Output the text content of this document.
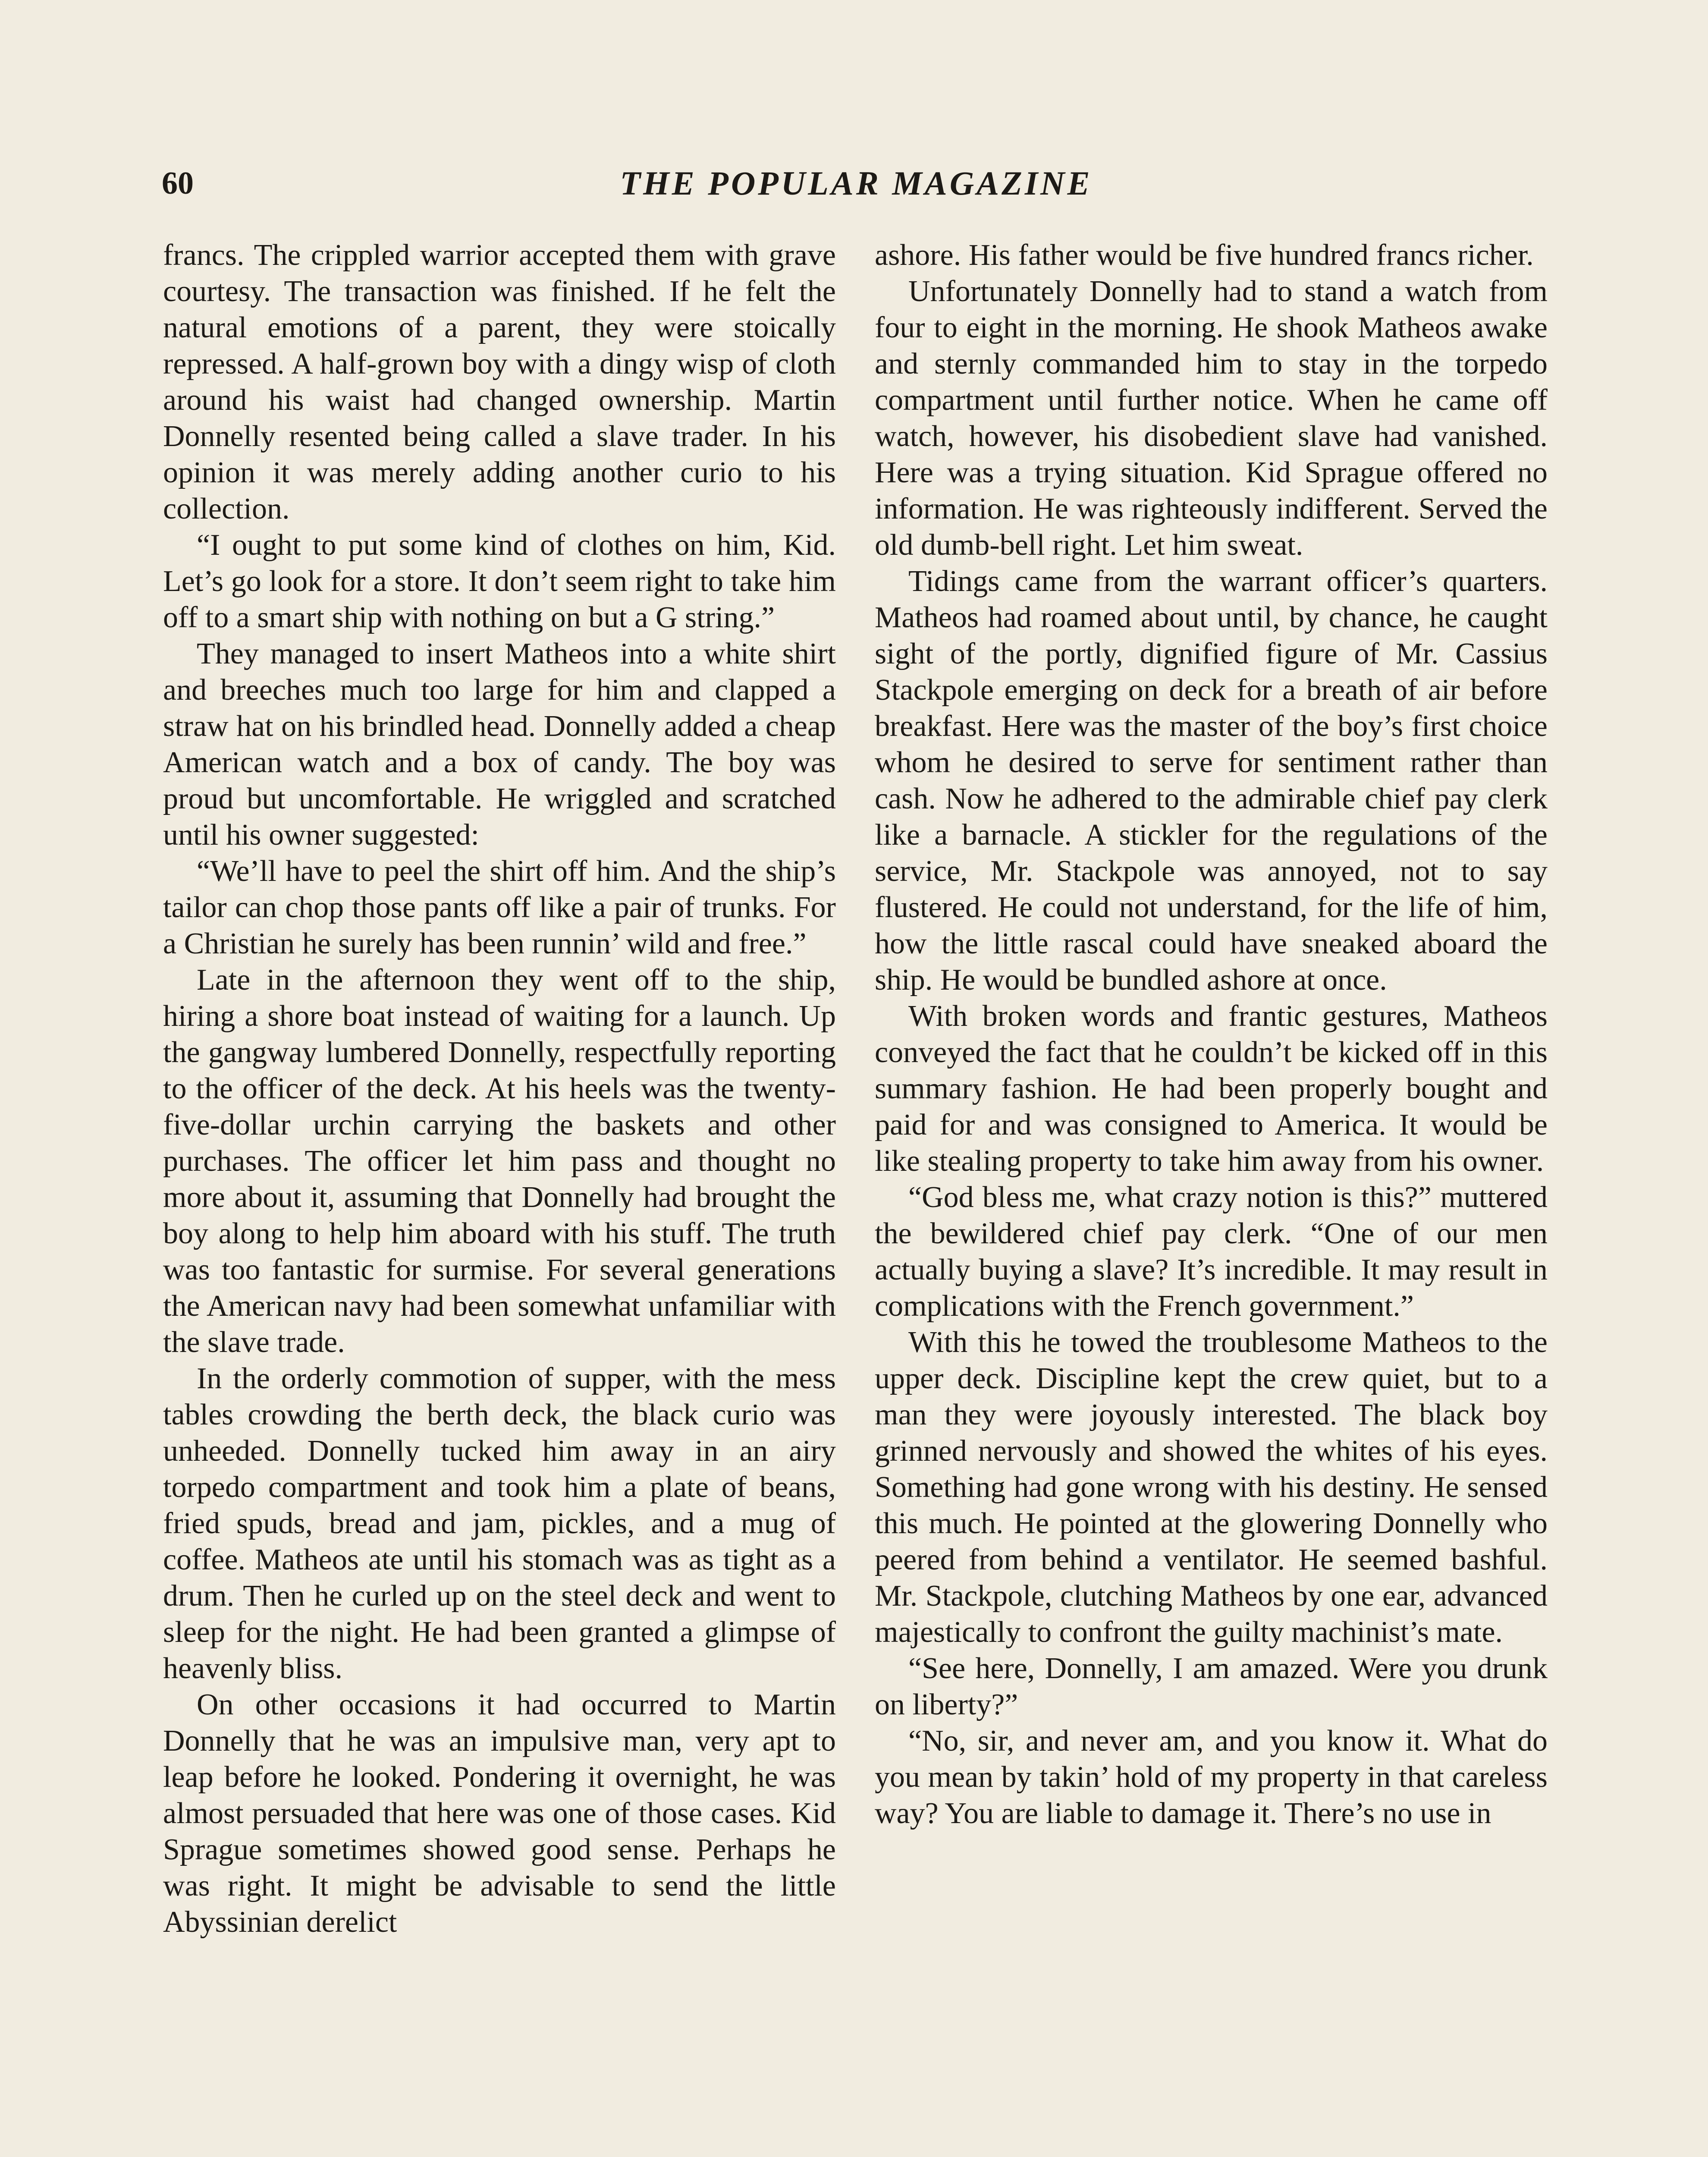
60	THE POPULAR MAGAZINE

francs. The crippled warrior accepted them with grave courtesy. The transaction was finished. If he felt the natural emotions of a parent, they were stoically repressed. A half-grown boy with a dingy wisp of cloth around his waist had changed ownership. Martin Donnelly resented being called a slave trader. In his opinion it was merely adding another curio to his collection.

“I ought to put some kind of clothes on him, Kid. Let’s go look for a store. It don’t seem right to take him off to a smart ship with nothing on but a G string.”

They managed to insert Matheos into a white shirt and breeches much too large for him and clapped a straw hat on his brindled head. Donnelly added a cheap American watch and a box of candy. The boy was proud but uncomfortable. He wriggled and scratched until his owner suggested:

“We’ll have to peel the shirt off him. And the ship’s tailor can chop those pants off like a pair of trunks. For a Christian he surely has been runnin’ wild and free.”

Late in the afternoon they went off to the ship, hiring a shore boat instead of waiting for a launch. Up the gangway lumbered Donnelly, respectfully reporting to the officer of the deck. At his heels was the twenty-five-dollar urchin carrying the baskets and other purchases. The officer let him pass and thought no more about it, assuming that Donnelly had brought the boy along to help him aboard with his stuff. The truth was too fantastic for surmise. For several generations the American navy had been somewhat unfamiliar with the slave trade.

In the orderly commotion of supper, with the mess tables crowding the berth deck, the black curio was unheeded. Donnelly tucked him away in an airy torpedo compartment and took him a plate of beans, fried spuds, bread and jam, pickles, and a mug of coffee. Matheos ate until his stomach was as tight as a drum. Then he curled up on the steel deck and went to sleep for the night. He had been granted a glimpse of heavenly bliss.

On other occasions it had occurred to Martin Donnelly that he was an impulsive man, very apt to leap before he looked. Pondering it overnight, he was almost persuaded that here was one of those cases. Kid Sprague sometimes showed good sense. Perhaps he was right. It might be advisable to send the little Abyssinian derelict

ashore. His father would be five hundred francs richer.

Unfortunately Donnelly had to stand a watch from four to eight in the morning. He shook Matheos awake and sternly commanded him to stay in the torpedo compartment until further notice. When he came off watch, however, his disobedient slave had vanished. Here was a trying situation. Kid Sprague offered no information. He was righteously indifferent. Served the old dumb-bell right. Let him sweat.

Tidings came from the warrant officer’s quarters. Matheos had roamed about until, by chance, he caught sight of the portly, dignified figure of Mr. Cassius Stackpole emerging on deck for a breath of air before breakfast. Here was the master of the boy’s first choice whom he desired to serve for sentiment rather than cash. Now he adhered to the admirable chief pay clerk like a barnacle. A stickler for the regulations of the service, Mr. Stackpole was annoyed, not to say flustered. He could not understand, for the life of him, how the little rascal could have sneaked aboard the ship. He would be bundled ashore at once.

With broken words and frantic gestures, Matheos conveyed the fact that he couldn’t be kicked off in this summary fashion. He had been properly bought and paid for and was consigned to America. It would be like stealing property to take him away from his owner.

“God bless me, what crazy notion is this?” muttered the bewildered chief pay clerk. “One of our men actually buying a slave? It’s incredible. It may result in complications with the French government.”

With this he towed the troublesome Matheos to the upper deck. Discipline kept the crew quiet, but to a man they were joyously interested. The black boy grinned nervously and showed the whites of his eyes. Something had gone wrong with his destiny. He sensed this much. He pointed at the glowering Donnelly who peered from behind a ventilator. He seemed bashful. Mr. Stackpole, clutching Matheos by one ear, advanced majestically to confront the guilty machinist’s mate.

“See here, Donnelly, I am amazed. Were you drunk on liberty?”

“No, sir, and never am, and you know it. What do you mean by takin’ hold of my property in that careless way? You are liable to damage it. There’s no use in
